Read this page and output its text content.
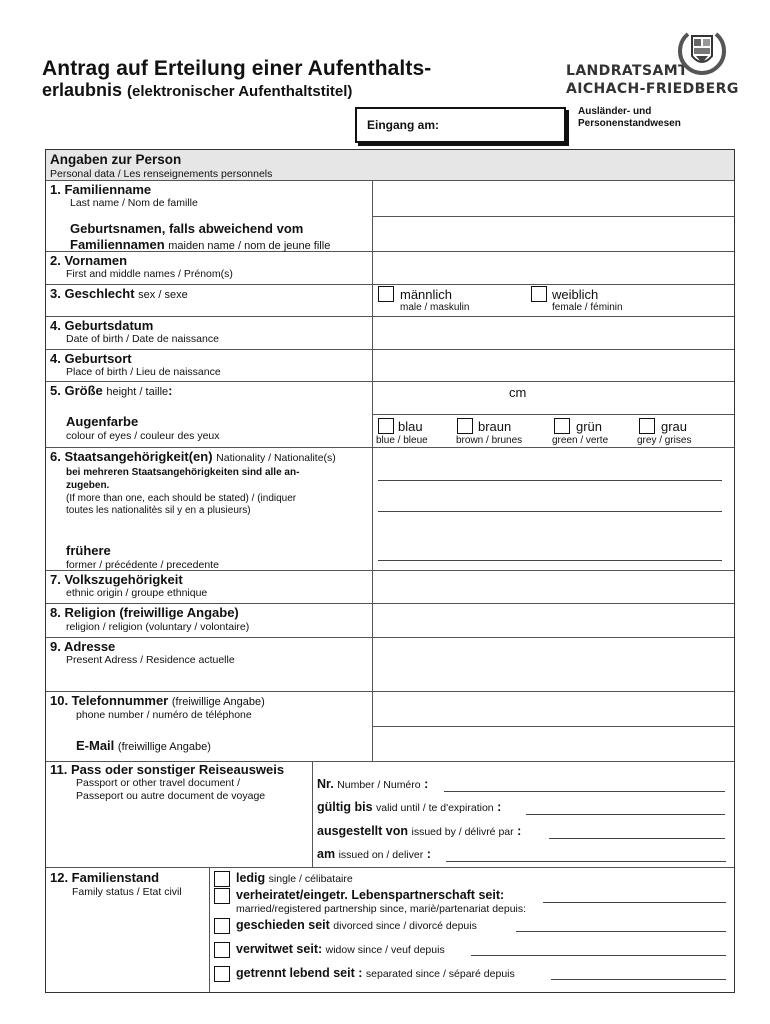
Antrag auf Erteilung einer Aufenthalts-
erlaubnis (elektronischer Aufenthaltstitel)
LANDRATSAMT
AICHACH-FRIEDBERG
Eingang am:
Ausländer- und
Personenstandwesen
Angaben zur Person
Personal data / Les renseignements personnels
1. Familienname
Last name / Nom de famille
Geburtsnamen, falls abweichend vom
Familiennamen maiden name / nom de jeune fille
2. Vornamen
First and middle names / Prénom(s)
3. Geschlecht sex / sexe	männlich
male / maskulin
weiblich
female / féminin
4. Geburtsdatum
Date of birth / Date de naissance
4. Geburtsort
Place of birth / Lieu de naissance
5. Größe height / taille:	cm
Augenfarbe
colour of eyes / couleur des yeux
blau
blue / bleue
braun
brown / brunes
grün
green / verte
grau
grey / grises
6. Staatsangehörigkeit(en) Nationality / Nationalite(s)
bei mehreren Staatsangehörigkeiten sind alle an-
zugeben.
(If more than one, each should be stated) / (indiquer
toutes les nationalitès sil y en a plusieurs)
frühere
former / précédente / precedente
7. Volkszugehörigkeit
ethnic origin / groupe ethnique
8. Religion (freiwillige Angabe)
religion / religion (voluntary / volontaire)
9. Adresse
Present Adress / Residence actuelle
10. Telefonnummer (freiwillige Angabe)
phone number / numéro de téléphone
E-Mail (freiwillige Angabe)
11. Pass oder sonstiger Reiseausweis
Passport or other travel document /
Passeport ou autre document de voyage
Nr. Number / Numéro :
gültig bis valid until / te d'expiration :
ausgestellt von issued by / délivré par :
am issued on / deliver :
12. Familienstand
Family status / Etat civil
ledig single / célibataire
verheiratet/eingetr. Lebenspartnerschaft seit:
married/registered partnership since, mariè/partenariat depuis:
geschieden seit divorced since / divorcé depuis
verwitwet seit: widow since / veuf depuis
getrennt lebend seit : separated since / séparé depuis
